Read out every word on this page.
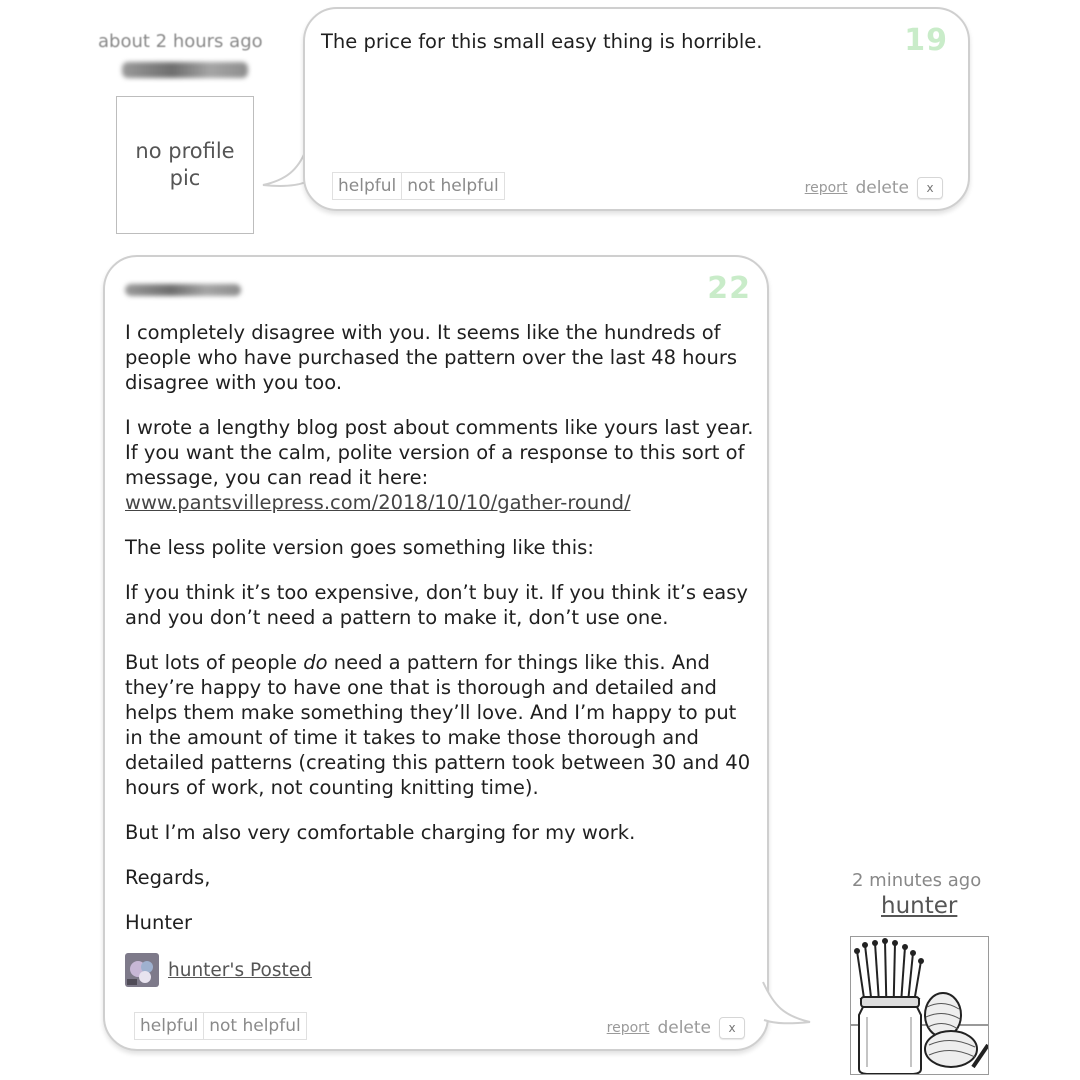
about 2 hours ago
no profile pic
The price for this small easy thing is horrible.	19
helpful not helpful	report delete	x
22

I completely disagree with you. It seems like the hundreds of people who have purchased the pattern over the last 48 hours disagree with you too.

I wrote a lengthy blog post about comments like yours last year. If you want the calm, polite version of a response to this sort of message, you can read it here:
www.pantsvillepress.com/2018/10/10/gather-round/

The less polite version goes something like this:

If you think it’s too expensive, don’t buy it. If you think it’s easy and you don’t need a pattern to make it, don’t use one.

But lots of people do need a pattern for things like this. And they’re happy to have one that is thorough and detailed and helps them make something they’ll love. And I’m happy to put in the amount of time it takes to make those thorough and detailed patterns (creating this pattern took between 30 and 40 hours of work, not counting knitting time).

But I’m also very comfortable charging for my work.

Regards,

Hunter

hunter's Posted
helpful not helpful	report delete	x
2 minutes ago
hunter
